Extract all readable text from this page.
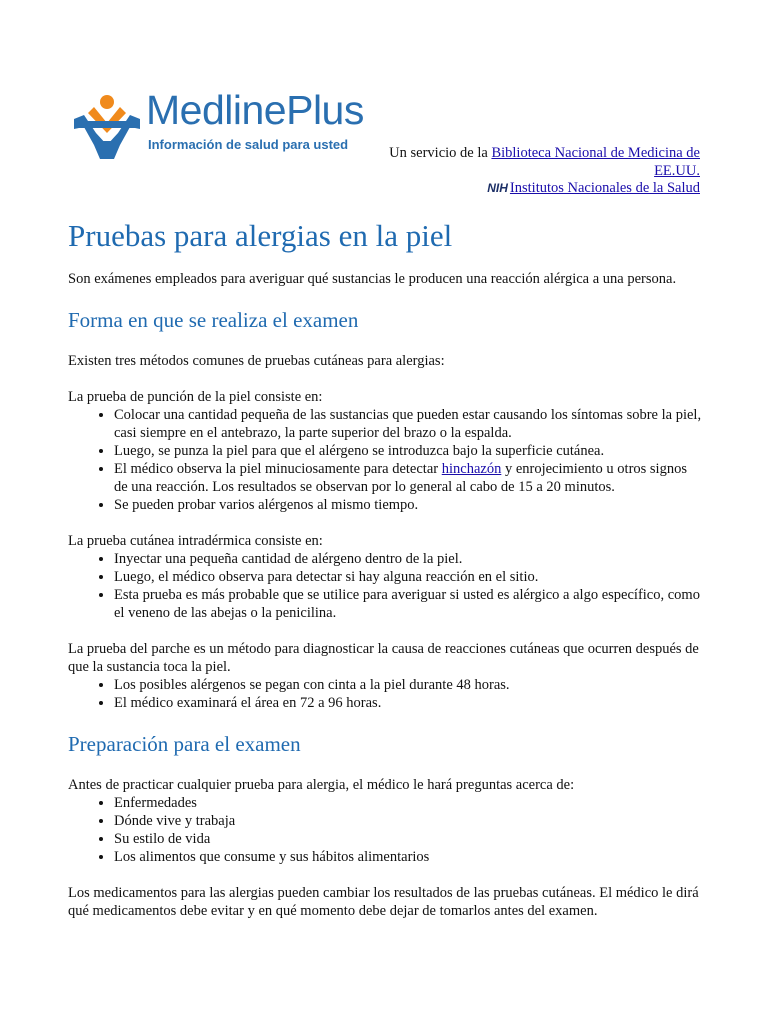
MedlinePlus
Información de salud para usted
Un servicio de la Biblioteca Nacional de Medicina de EE.UU.
NIH Institutos Nacionales de la Salud
Pruebas para alergias en la piel

Son exámenes empleados para averiguar qué sustancias le producen una reacción alérgica a una persona.

Forma en que se realiza el examen

Existen tres métodos comunes de pruebas cutáneas para alergias:

La prueba de punción de la piel consiste en:

• Colocar una cantidad pequeña de las sustancias que pueden estar causando los síntomas sobre la piel, casi siempre en el antebrazo, la parte superior del brazo o la espalda.
• Luego, se punza la piel para que el alérgeno se introduzca bajo la superficie cutánea.
• El médico observa la piel minuciosamente para detectar hinchazón y enrojecimiento u otros signos de una reacción. Los resultados se observan por lo general al cabo de 15 a 20 minutos.
• Se pueden probar varios alérgenos al mismo tiempo.

La prueba cutánea intradérmica consiste en:

• Inyectar una pequeña cantidad de alérgeno dentro de la piel.
• Luego, el médico observa para detectar si hay alguna reacción en el sitio.
• Esta prueba es más probable que se utilice para averiguar si usted es alérgico a algo específico, como el veneno de las abejas o la penicilina.

La prueba del parche es un método para diagnosticar la causa de reacciones cutáneas que ocurren después de que la sustancia toca la piel.

• Los posibles alérgenos se pegan con cinta a la piel durante 48 horas.
• El médico examinará el área en 72 a 96 horas.
Preparación para el examen

Antes de practicar cualquier prueba para alergia, el médico le hará preguntas acerca de:

• Enfermedades
• Dónde vive y trabaja
• Su estilo de vida
• Los alimentos que consume y sus hábitos alimentarios

Los medicamentos para las alergias pueden cambiar los resultados de las pruebas cutáneas. El médico le dirá qué medicamentos debe evitar y en qué momento debe dejar de tomarlos antes del examen.
